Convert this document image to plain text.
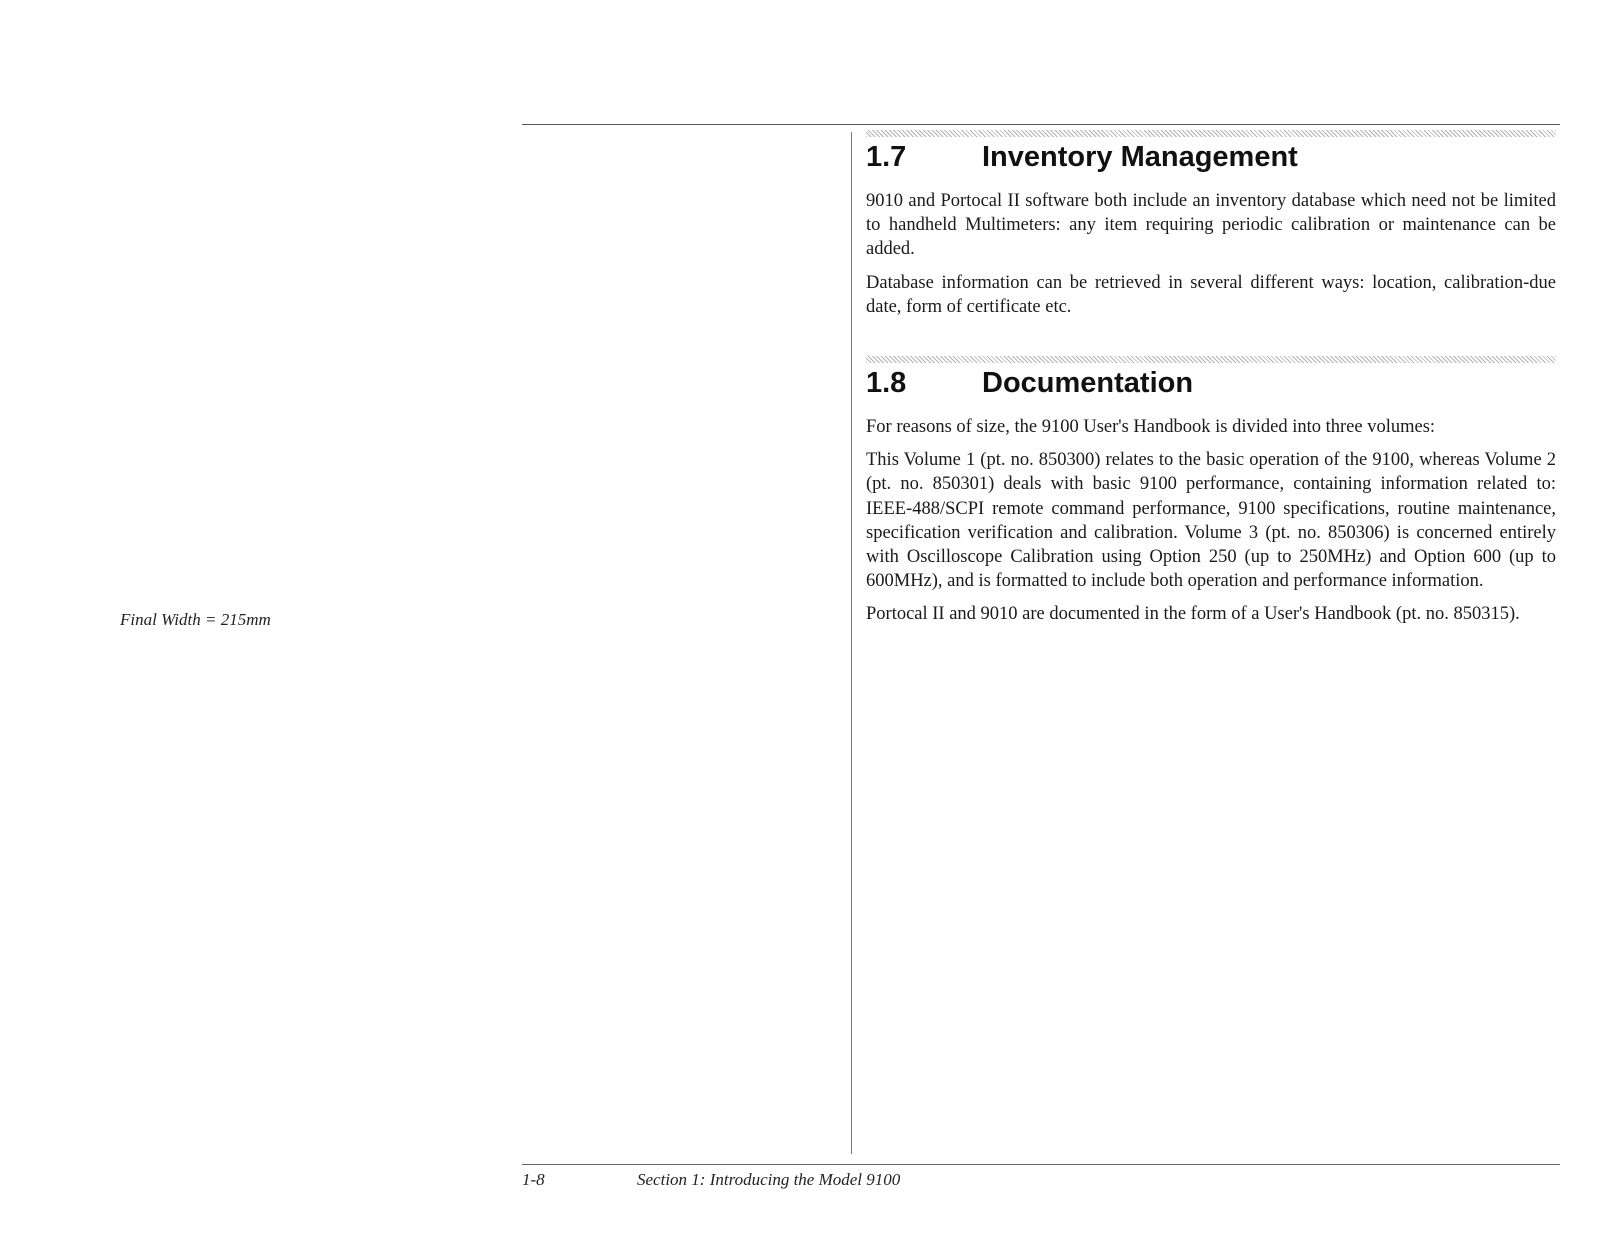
Final Width = 215mm
1.7	Inventory Management

9010 and Portocal II software both include an inventory database which need not be limited to handheld Multimeters: any item requiring periodic calibration or maintenance can be added.

Database information can be retrieved in several different ways: location, calibration-due date, form of certificate etc.

1.8	Documentation

For reasons of size, the 9100 User's Handbook is divided into three volumes:

This Volume 1 (pt. no. 850300) relates to the basic operation of the 9100, whereas Volume 2 (pt. no. 850301) deals with basic 9100 performance, containing information related to: IEEE-488/SCPI remote command performance, 9100 specifications, routine maintenance, specification verification and calibration. Volume 3 (pt. no. 850306) is concerned entirely with Oscilloscope Calibration using Option 250 (up to 250MHz) and Option 600 (up to 600MHz), and is formatted to include both operation and performance information.

Portocal II and 9010 are documented in the form of a User's Handbook (pt. no. 850315).

1-8	Section 1: Introducing the Model 9100
